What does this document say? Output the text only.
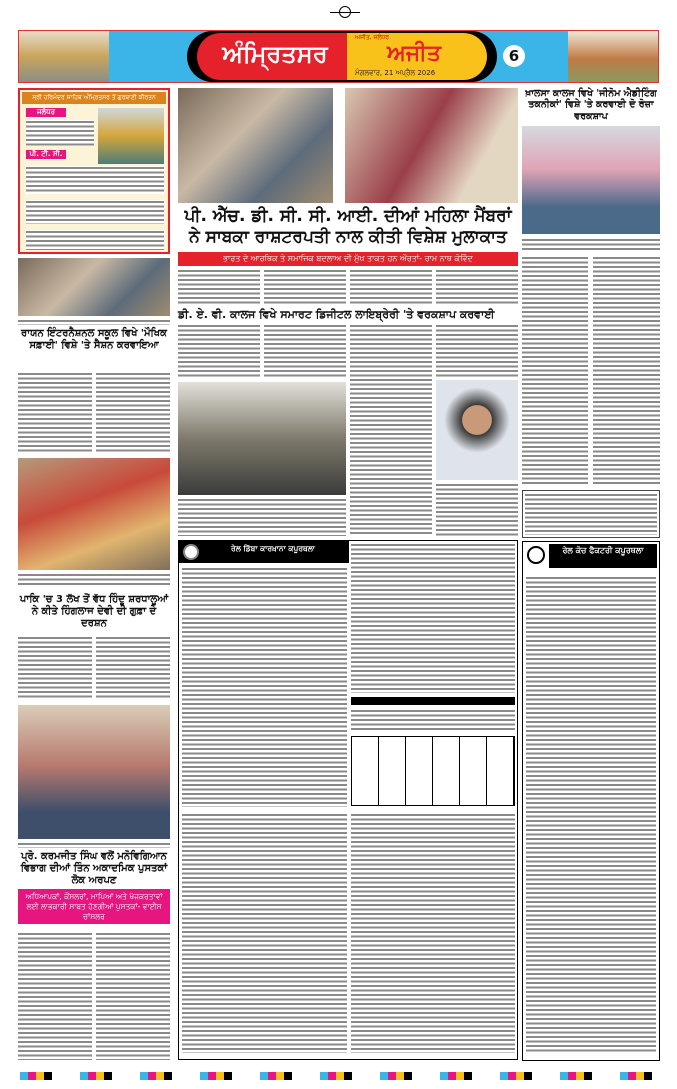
ਅੰਮ੍ਰਿਤਸਰ
ਅਜੀਤ, ਜਲੰਧਰ
ਅਜੀਤ
ਮੰਗਲਵਾਰ, 21 ਅਪ੍ਰੈਲ 2026
6
ਸ੍ਰੀ ਹਰਿਮੰਦਰ ਸਾਹਿਬ ਅੰਮ੍ਰਿਤਸਰ ਤੋਂ ਗੁਰਬਾਣੀ ਕੀਰਤਨ
ਜਲੰਧਰ
ਪੀ. ਟੀ. ਸੀ.
ਰਾਯਨ ਇੰਟਰਨੈਸ਼ਨਲ ਸਕੂਲ ਵਿਖੇ 'ਮੌਖਿਕ ਸਫ਼ਾਈ' ਵਿਸ਼ੇ 'ਤੇ ਸੈਸ਼ਨ ਕਰਵਾਇਆ
ਪਾਕਿ 'ਚ 3 ਲੱਖ ਤੋਂ ਵੱਧ ਹਿੰਦੂ ਸ਼ਰਧਾਲੂਆਂ ਨੇ ਕੀਤੇ ਹਿੰਗਲਾਜ ਦੇਵੀ ਦੀ ਗੁਫ਼ਾ ਦੇ ਦਰਸ਼ਨ
ਪ੍ਰੋ. ਕਰਮਜੀਤ ਸਿੰਘ ਵਲੋਂ ਮਨੋਵਿਗਿਆਨ ਵਿਭਾਗ ਦੀਆਂ ਤਿੰਨ ਅਕਾਦਮਿਕ ਪੁਸਤਕਾਂ ਲੋਕ ਅਰਪਣ
ਅਧਿਆਪਕਾਂ, ਕੌਂਸਲਰਾਂ, ਮਾਪਿਆਂ ਅਤੇ ਖੋਜਕਰਤਾਵਾਂ ਲਈ ਲਾਭਕਾਰੀ ਸਾਬਤ ਹੋਣਗੀਆਂ ਪੁਸਤਕਾਂ- ਵਾਈਸ ਚਾਂਸਲਰ
ਪੀ. ਐੱਚ. ਡੀ. ਸੀ. ਸੀ. ਆਈ. ਦੀਆਂ ਮਹਿਲਾ ਮੈਂਬਰਾਂ ਨੇ ਸਾਬਕਾ ਰਾਸ਼ਟਰਪਤੀ ਨਾਲ ਕੀਤੀ ਵਿਸ਼ੇਸ਼ ਮੁਲਾਕਾਤ
ਭਾਰਤ ਦੇ ਆਰਥਿਕ ਤੇ ਸਮਾਜਿਕ ਬਦਲਾਅ ਦੀ ਮੁੱਖ ਤਾਕਤ ਹਨ ਔਰਤਾਂ- ਰਾਮ ਨਾਥ ਕੋਵਿੰਦ
ਡੀ. ਏ. ਵੀ. ਕਾਲਜ ਵਿਖੇ ਸਮਾਰਟ ਡਿਜੀਟਲ ਲਾਇਬ੍ਰੇਰੀ 'ਤੇ ਵਰਕਸ਼ਾਪ ਕਰਵਾਈ
ਰੇਲ ਡਿੱਬਾ ਕਾਰਖ਼ਾਨਾ ਕਪੂਰਥਲਾ
ਖ਼ਾਲਸਾ ਕਾਲਜ ਵਿਖੇ 'ਜੀਨੋਮ ਐਡੀਟਿੰਗ ਤਕਨੀਕਾਂ' ਵਿਸ਼ੇ 'ਤੇ ਕਰਵਾਈ ਦੋ ਰੋਜ਼ਾ ਵਰਕਸ਼ਾਪ
ਰੇਲ ਕੋਚ ਫੈਕਟਰੀ ਕਪੂਰਥਲਾ
